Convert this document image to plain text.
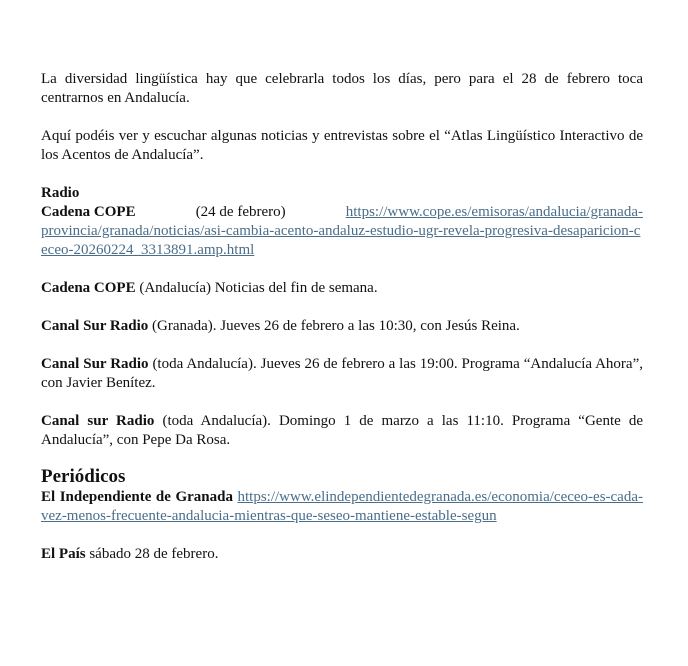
La diversidad lingüística hay que celebrarla todos los días, pero para el 28 de febrero toca centrarnos en Andalucía.

Aquí podéis ver y escuchar algunas noticias y entrevistas sobre el “Atlas Lingüístico Interactivo de los Acentos de Andalucía”.

Radio

Cadena COPE	(24 de febrero)	https://www.cope.es/emisoras/andalucia/granada-
provincia/granada/noticias/asi-cambia-acento-andaluz-estudio-ugr-revela-progresiva-desaparicion-ceceo-20260224_3313891.amp.html

Cadena COPE (Andalucía) Noticias del fin de semana.

Canal Sur Radio (Granada). Jueves 26 de febrero a las 10:30, con Jesús Reina.

Canal Sur Radio (toda Andalucía). Jueves 26 de febrero a las 19:00. Programa “Andalucía Ahora”, con Javier Benítez.

Canal sur Radio (toda Andalucía). Domingo 1 de marzo a las 11:10. Programa “Gente de Andalucía”, con Pepe Da Rosa.

Periódicos

El Independiente de Granada https://www.elindependientedegranada.es/economia/ceceo-es-cada-vez-menos-frecuente-andalucia-mientras-que-seseo-mantiene-estable-segun

El País sábado 28 de febrero.
